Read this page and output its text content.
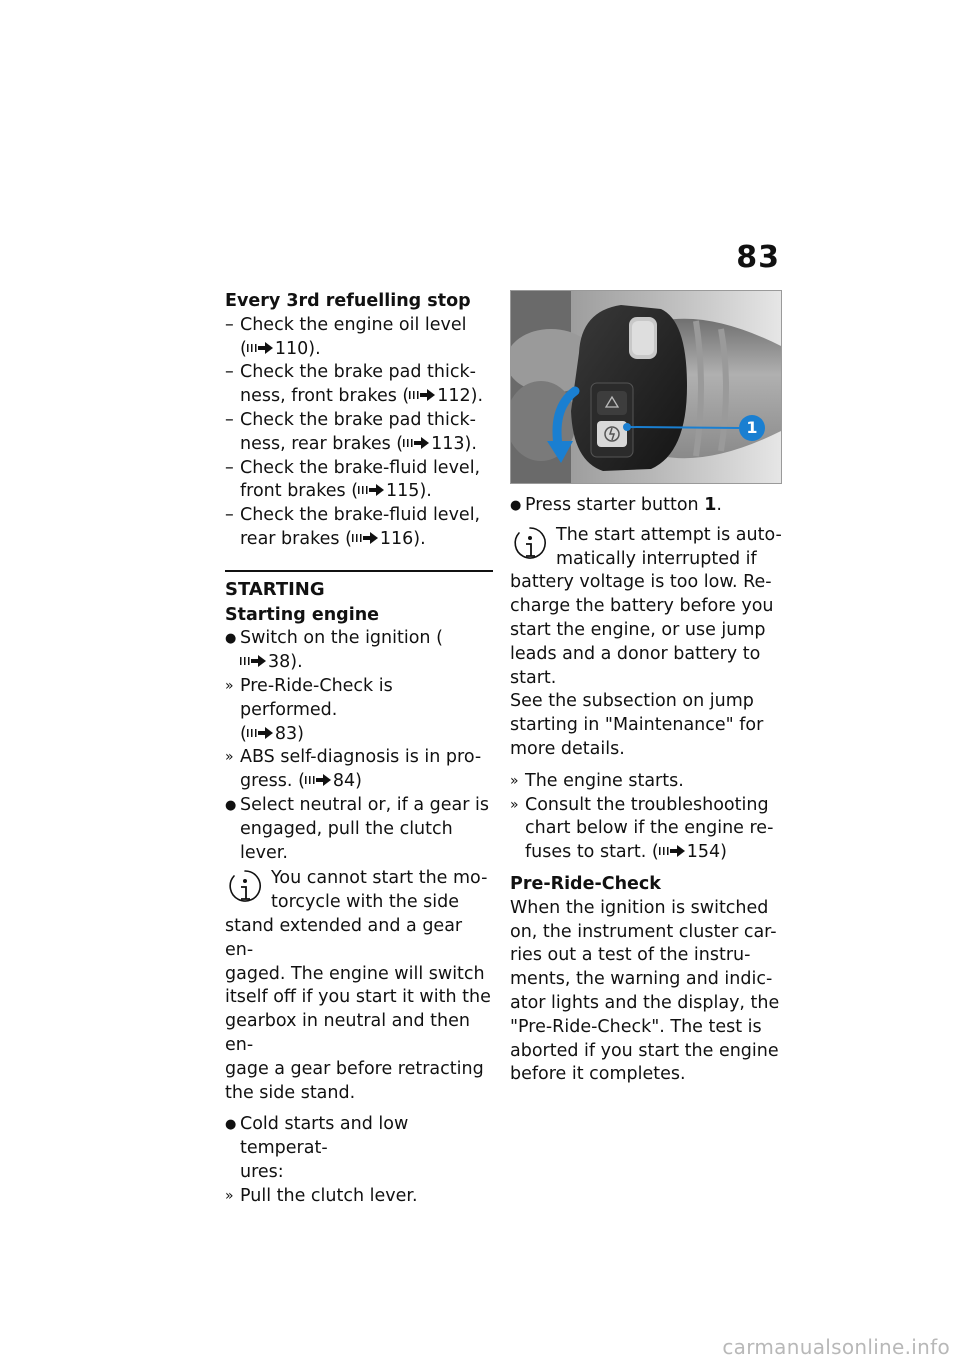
83
Every 3rd refuelling stop
– Check the engine oil level
( 110).
– Check the brake pad thick-
ness, front brakes ( 112).
– Check the brake pad thick-
ness, rear brakes ( 113).
– Check the brake-fluid level,
front brakes ( 115).
– Check the brake-fluid level,
rear brakes ( 116).
STARTING
Starting engine
● Switch on the ignition (38).
» Pre-Ride-Check is performed.
( 83)
» ABS self-diagnosis is in pro-
gress. ( 84)
● Select neutral or, if a gear is
engaged, pull the clutch lever.
You cannot start the mo-
torcycle with the side
stand extended and a gear en-
gaged. The engine will switch
itself off if you start it with the
gearbox in neutral and then en-
gage a gear before retracting
the side stand.
● Cold starts and low temperat-
ures:
» Pull the clutch lever.
1
● Press starter button 1.
The start attempt is auto-
matically interrupted if
battery voltage is too low. Re-
charge the battery before you
start the engine, or use jump
leads and a donor battery to
start.
See the subsection on jump
starting in "Maintenance" for
more details.
» The engine starts.
» Consult the troubleshooting
chart below if the engine re-
fuses to start. ( 154)
Pre-Ride-Check
When the ignition is switched
on, the instrument cluster car-
ries out a test of the instru-
ments, the warning and indic-
ator lights and the display, the
"Pre-Ride-Check". The test is
aborted if you start the engine
before it completes.
carmanualsonline.info
